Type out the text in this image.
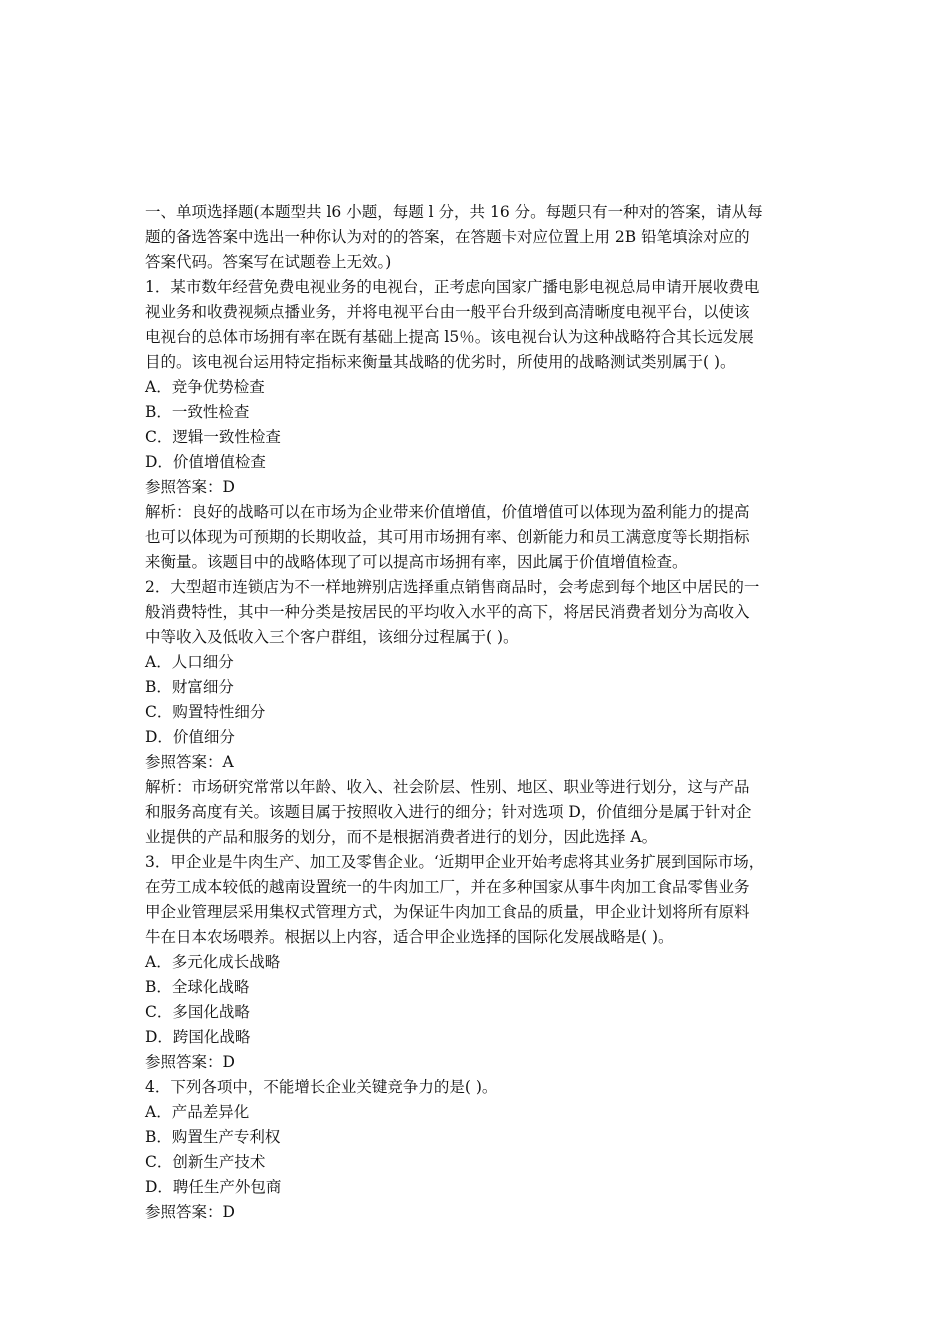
一、单项选择题(本题型共 l6 小题，每题 l 分，共 16 分。每题只有一种对的答案，请从每
题的备选答案中选出一种你认为对的的答案，在答题卡对应位置上用 2B 铅笔填涂对应的
答案代码。答案写在试题卷上无效。)
1．某市数年经营免费电视业务的电视台，正考虑向国家广播电影电视总局申请开展收费电
视业务和收费视频点播业务，并将电视平台由一般平台升级到高清晰度电视平台，以使该
电视台的总体市场拥有率在既有基础上提高 l5％。该电视台认为这种战略符合其长远发展
目的。该电视台运用特定指标来衡量其战略的优劣时，所使用的战略测试类别属于( )。
A．竞争优势检查
B．一致性检查
C．逻辑一致性检查
D．价值增值检查
参照答案：D
解析：良好的战略可以在市场为企业带来价值增值，价值增值可以体现为盈利能力的提高
也可以体现为可预期的长期收益，其可用市场拥有率、创新能力和员工满意度等长期指标
来衡量。该题目中的战略体现了可以提高市场拥有率，因此属于价值增值检查。
2．大型超市连锁店为不一样地辨别店选择重点销售商品时，会考虑到每个地区中居民的一
般消费特性，其中一种分类是按居民的平均收入水平的高下，将居民消费者划分为高收入
中等收入及低收入三个客户群组，该细分过程属于( )。
A．人口细分
B．财富细分
C．购置特性细分
D．价值细分
参照答案：A
解析：市场研究常常以年龄、收入、社会阶层、性别、地区、职业等进行划分，这与产品
和服务高度有关。该题目属于按照收入进行的细分；针对选项 D，价值细分是属于针对企
业提供的产品和服务的划分，而不是根据消费者进行的划分，因此选择 A。
3．甲企业是牛肉生产、加工及零售企业。‘近期甲企业开始考虑将其业务扩展到国际市场，
在劳工成本较低的越南设置统一的牛肉加工厂，并在多种国家从事牛肉加工食品零售业务
甲企业管理层采用集权式管理方式，为保证牛肉加工食品的质量，甲企业计划将所有原料
牛在日本农场喂养。根据以上内容，适合甲企业选择的国际化发展战略是( )。
A．多元化成长战略
B．全球化战略
C．多国化战略
D．跨国化战略
参照答案：D
4．下列各项中，不能增长企业关键竞争力的是( )。
A．产品差异化
B．购置生产专利权
C．创新生产技术
D．聘任生产外包商
参照答案：D
